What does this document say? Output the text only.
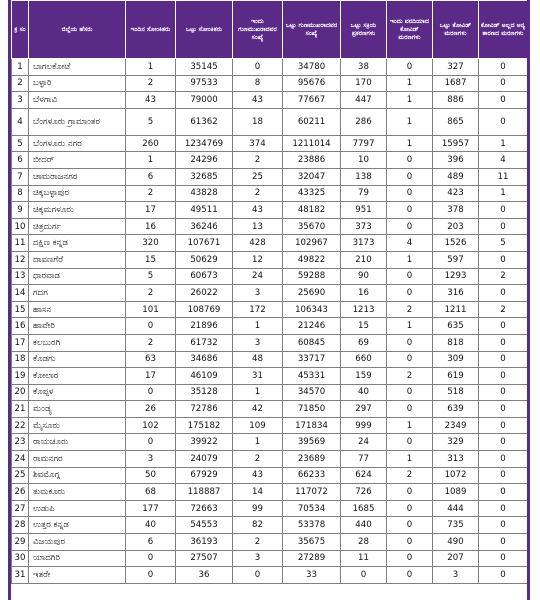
ಕ್ರ ಸಂ	ಜಿಲ್ಲೆಯ ಹೆಸರು	ಇಂದಿನ ಸೋಂಕಿತರು	ಒಟ್ಟು ಸೋಂಕಿತರು	ಇಂದು ಗುಣಮುಖರಾದವರ ಸಂಖ್ಯೆ	ಒಟ್ಟು ಗುಣಮುಖರಾದವರ ಸಂಖ್ಯೆ	ಒಟ್ಟು ಸಕ್ರಿಯ ಪ್ರಕರಣಗಳು	ಇಂದು ವರದಿಯಾದ ಕೋವಿಡ್ ಮರಣಗಳು	ಒಟ್ಟು ಕೋವಿಡ್ ಮರಣಗಳು	ಕೋವಿಡ್ ಅಲ್ಲದ ಅನ್ಯ ಕಾರಣದ ಮರಣಗಳು
1	ಬಾಗಲಕೋಟೆ	1	35145	0	34780	38	0	327	0
2	ಬಳ್ಳಾರಿ	2	97533	8	95676	170	1	1687	0
3	ಬೆಳಗಾವಿ	43	79000	43	77667	447	1	886	0
4	ಬೆಂಗಳೂರು ಗ್ರಾಮಾಂತರ	5	61362	18	60211	286	1	865	0
5	ಬೆಂಗಳೂರು ನಗರ	260	1234769	374	1211014	7797	1	15957	1
6	ಬೀದರ್	1	24296	2	23886	10	0	396	4
7	ಚಾಮರಾಜನಗರ	6	32685	25	32047	138	0	489	11
8	ಚಿಕ್ಕಬಳ್ಳಾಪುರ	2	43828	2	43325	79	0	423	1
9	ಚಿಕ್ಕಮಗಳೂರು	17	49511	43	48182	951	0	378	0
10	ಚಿತ್ರದುರ್ಗ	16	36246	13	35670	373	0	203	0
11	ದಕ್ಷಿಣ ಕನ್ನಡ	320	107671	428	102967	3173	4	1526	5
12	ದಾವಣಗೆರೆ	15	50629	12	49822	210	1	597	0
13	ಧಾರವಾಡ	5	60673	24	59288	90	0	1293	2
14	ಗದಗ	2	26022	3	25690	16	0	316	0
15	ಹಾಸನ	101	108769	172	106343	1213	2	1211	2
16	ಹಾವೇರಿ	0	21896	1	21246	15	1	635	0
17	ಕಲಬುರಗಿ	2	61732	3	60845	69	0	818	0
18	ಕೊಡಗು	63	34686	48	33717	660	0	309	0
19	ಕೋಲಾರ	17	46109	31	45331	159	2	619	0
20	ಕೊಪ್ಪಳ	0	35128	1	34570	40	0	518	0
21	ಮಂಡ್ಯ	26	72786	42	71850	297	0	639	0
22	ಮೈಸೂರು	102	175182	109	171834	999	1	2349	0
23	ರಾಯಚೂರು	0	39922	1	39569	24	0	329	0
24	ರಾಮನಗರ	3	24079	2	23689	77	1	313	0
25	ಶಿವಮೊಗ್ಗ	50	67929	43	66233	624	2	1072	0
26	ತುಮಕೂರು	68	118887	14	117072	726	0	1089	0
27	ಉಡುಪಿ	177	72663	99	70534	1685	0	444	0
28	ಉತ್ತರ ಕನ್ನಡ	40	54553	82	53378	440	0	735	0
29	ವಿಜಯಪುರ	6	36193	2	35675	28	0	490	0
30	ಯಾದಗಿರಿ	0	27507	3	27289	11	0	207	0
31	ಇತರೇ	0	36	0	33	0	0	3	0
